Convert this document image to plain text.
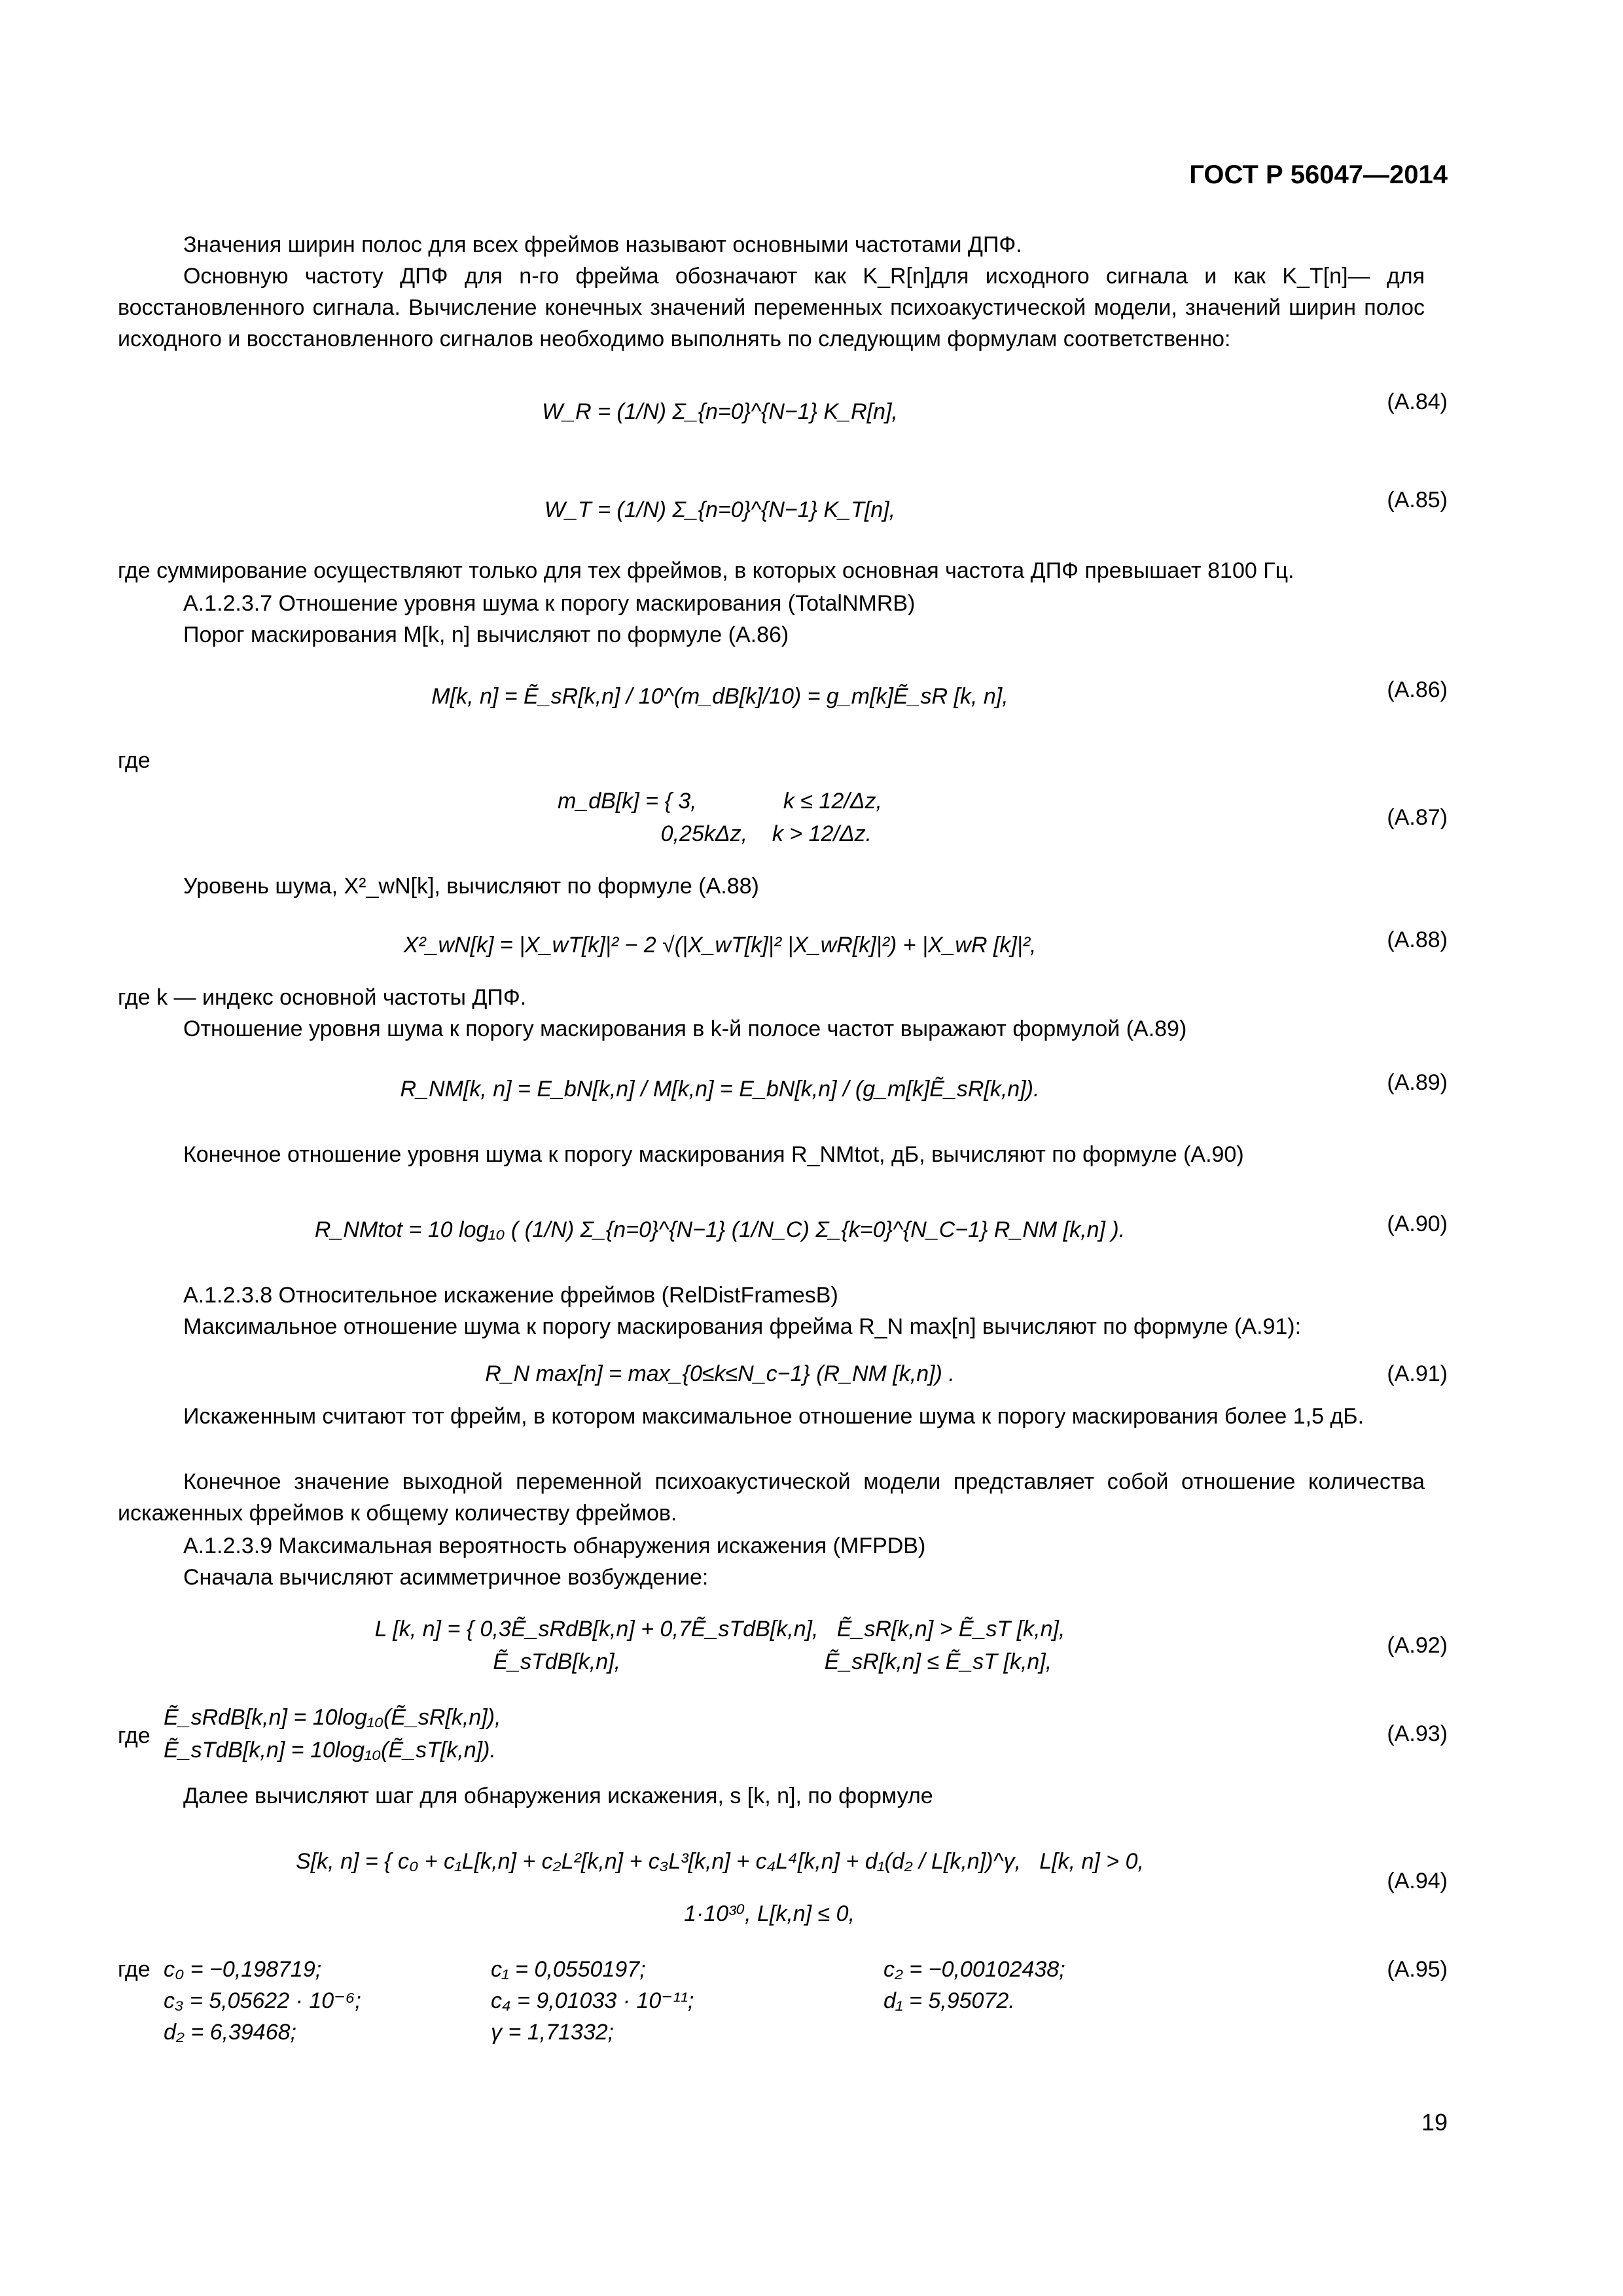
ГОСТ Р 56047—2014
Значения ширин полос для всех фреймов называют основными частотами ДПФ.
Основную частоту ДПФ для n-го фрейма обозначают как K_R[n]для исходного сигнала и как K_T[n]— для восстановленного сигнала. Вычисление конечных значений переменных психоакустической модели, значений ширин полос исходного и восстановленного сигналов необходимо выполнять по следующим формулам соответственно:
W_R = (1/N) Σ_{n=0}^{N−1} K_R[n],	(А.84)
W_T = (1/N) Σ_{n=0}^{N−1} K_T[n],	(А.85)
где суммирование осуществляют только для тех фреймов, в которых основная частота ДПФ превышает 8100 Гц.
А.1.2.3.7 Отношение уровня шума к порогу маскирования (TotalNMRB)
Порог маскирования M[k, n] вычисляют по формуле (А.86)
M[k, n] = Ẽ_sR[k,n] / 10^(m_dB[k]/10) = g_m[k]Ẽ_sR [k, n],	(А.86)
где
m_dB[k] = { 3,              k ≤ 12/Δz,
0,25kΔz,    k > 12/Δz.
(А.87)
Уровень шума, X²_wN[k], вычисляют по формуле (А.88)
X²_wN[k] = |X_wT[k]|² − 2 √(|X_wT[k]|² |X_wR[k]|²) + |X_wR [k]|²,	(А.88)
где k — индекс основной частоты ДПФ.
Отношение уровня шума к порогу маскирования в k-й полосе частот выражают формулой (А.89)
R_NM[k, n] = E_bN[k,n] / M[k,n] = E_bN[k,n] / (g_m[k]Ẽ_sR[k,n]).	(А.89)
Конечное отношение уровня шума к порогу маскирования R_NMtot, дБ, вычисляют по формуле (А.90)
R_NMtot = 10 log₁₀ ( (1/N) Σ_{n=0}^{N−1} (1/N_C) Σ_{k=0}^{N_C−1} R_NM [k,n] ).	(А.90)
А.1.2.3.8 Относительное искажение фреймов (RelDistFramesB)
Максимальное отношение шума к порогу маскирования фрейма R_N max[n] вычисляют по формуле (А.91):
R_N max[n] = max_{0≤k≤N_c−1} (R_NM [k,n]) .	(А.91)
Искаженным считают тот фрейм, в котором максимальное отношение шума к порогу маскирования более 1,5 дБ.
Конечное значение выходной переменной психоакустической модели представляет собой отношение количества искаженных фреймов к общему количеству фреймов.
А.1.2.3.9 Максимальная вероятность обнаружения искажения (MFPDB)
Сначала вычисляют асимметричное возбуждение:
L [k, n] = { 0,3Ẽ_sRdB[k,n] + 0,7Ẽ_sTdB[k,n],   Ẽ_sR[k,n] > Ẽ_sT [k,n],
Ẽ_sTdB[k,n],                                 Ẽ_sR[k,n] ≤ Ẽ_sT [k,n],
(А.92)
где
Ẽ_sRdB[k,n] = 10log₁₀(Ẽ_sR[k,n]),
Ẽ_sTdB[k,n] = 10log₁₀(Ẽ_sT[k,n]).
(А.93)
Далее вычисляют шаг для обнаружения искажения, s [k, n], по формуле
S[k, n] = { c₀ + c₁L[k,n] + c₂L²[k,n] + c₃L³[k,n] + c₄L⁴[k,n] + d₁(d₂ / L[k,n])^γ,   L[k, n] > 0,
1·10³⁰, L[k,n] ≤ 0,
(А.94)
где c₀ = −0,198719;	c₁ = 0,0550197;	c₂ = −0,00102438;	(А.95)
c₃ = 5,05622 · 10⁻⁶;	c₄ = 9,01033 · 10⁻¹¹;	d₁ = 5,95072.
d₂ = 6,39468;	γ = 1,71332;
19
